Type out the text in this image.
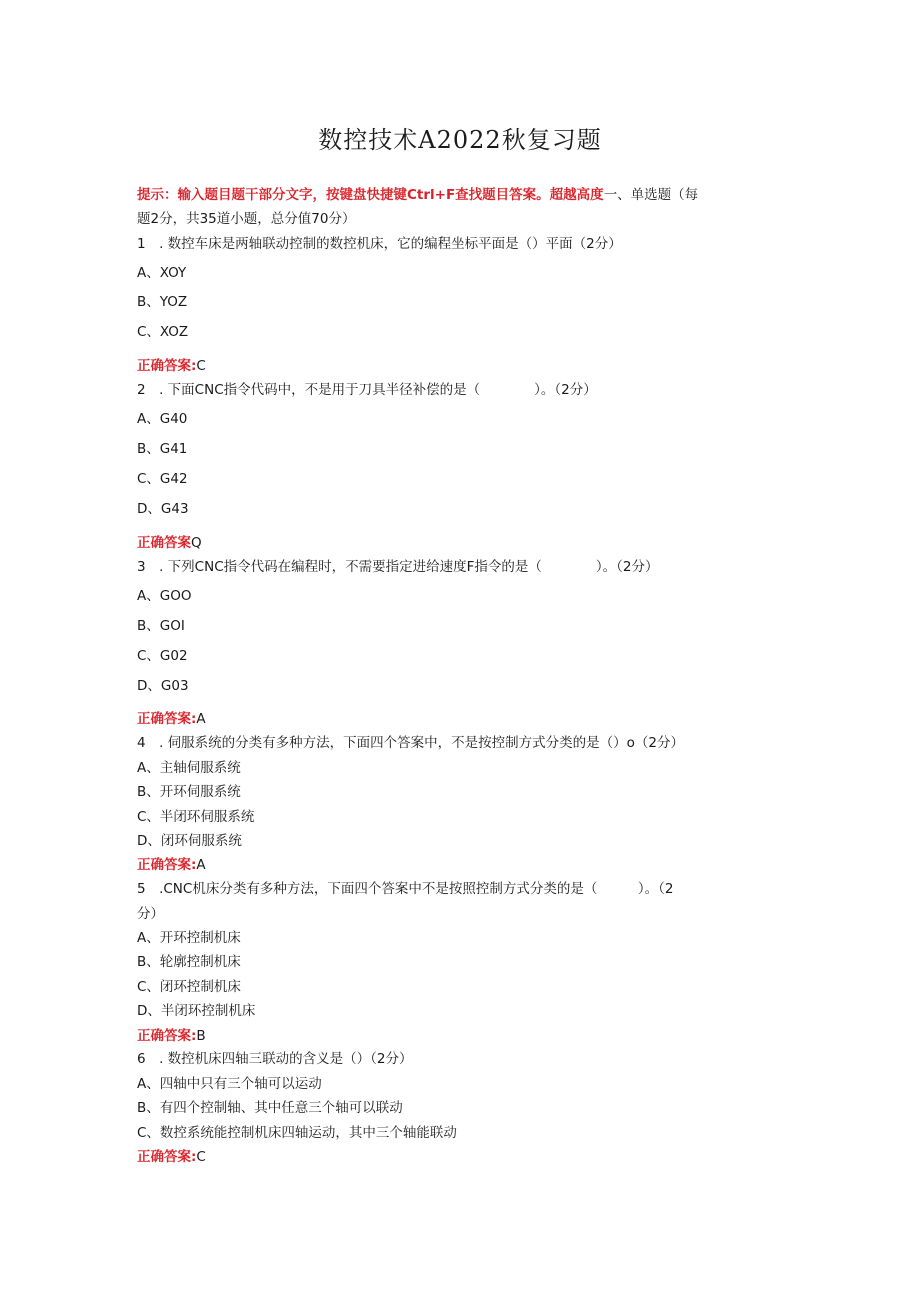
数控技术A2022秋复习题
提示：输入题目题干部分文字，按键盘快捷键Ctrl+F查找题目答案。超越高度一、单选题（每
题2分，共35道小题，总分值70分）
1　. 数控车床是两轴联动控制的数控机床，它的编程坐标平面是（）平面（2分）
A、XOY
B、YOZ
C、XOZ
正确答案:C
2　. 下面CNC指令代码中，不是用于刀具半径补偿的是（　　　　）。（2分）
A、G40
B、G41
C、G42
D、G43
正确答案Q
3　. 下列CNC指令代码在编程时，不需要指定进给速度F指令的是（　　　　）。（2分）
A、GOO
B、GOI
C、G02
D、G03
正确答案:A
4　. 伺服系统的分类有多种方法，下面四个答案中，不是按控制方式分类的是（）o（2分）
A、主轴伺服系统
B、开环伺服系统
C、半闭环伺服系统
D、闭环伺服系统
正确答案:A
5　.CNC机床分类有多种方法，下面四个答案中不是按照控制方式分类的是（　　　）。（2
分）
A、开环控制机床
B、轮廓控制机床
C、闭环控制机床
D、半闭环控制机床
正确答案:B
6　. 数控机床四轴三联动的含义是（）（2分）
A、四轴中只有三个轴可以运动
B、有四个控制轴、其中任意三个轴可以联动
C、数控系统能控制机床四轴运动，其中三个轴能联动
正确答案:C
